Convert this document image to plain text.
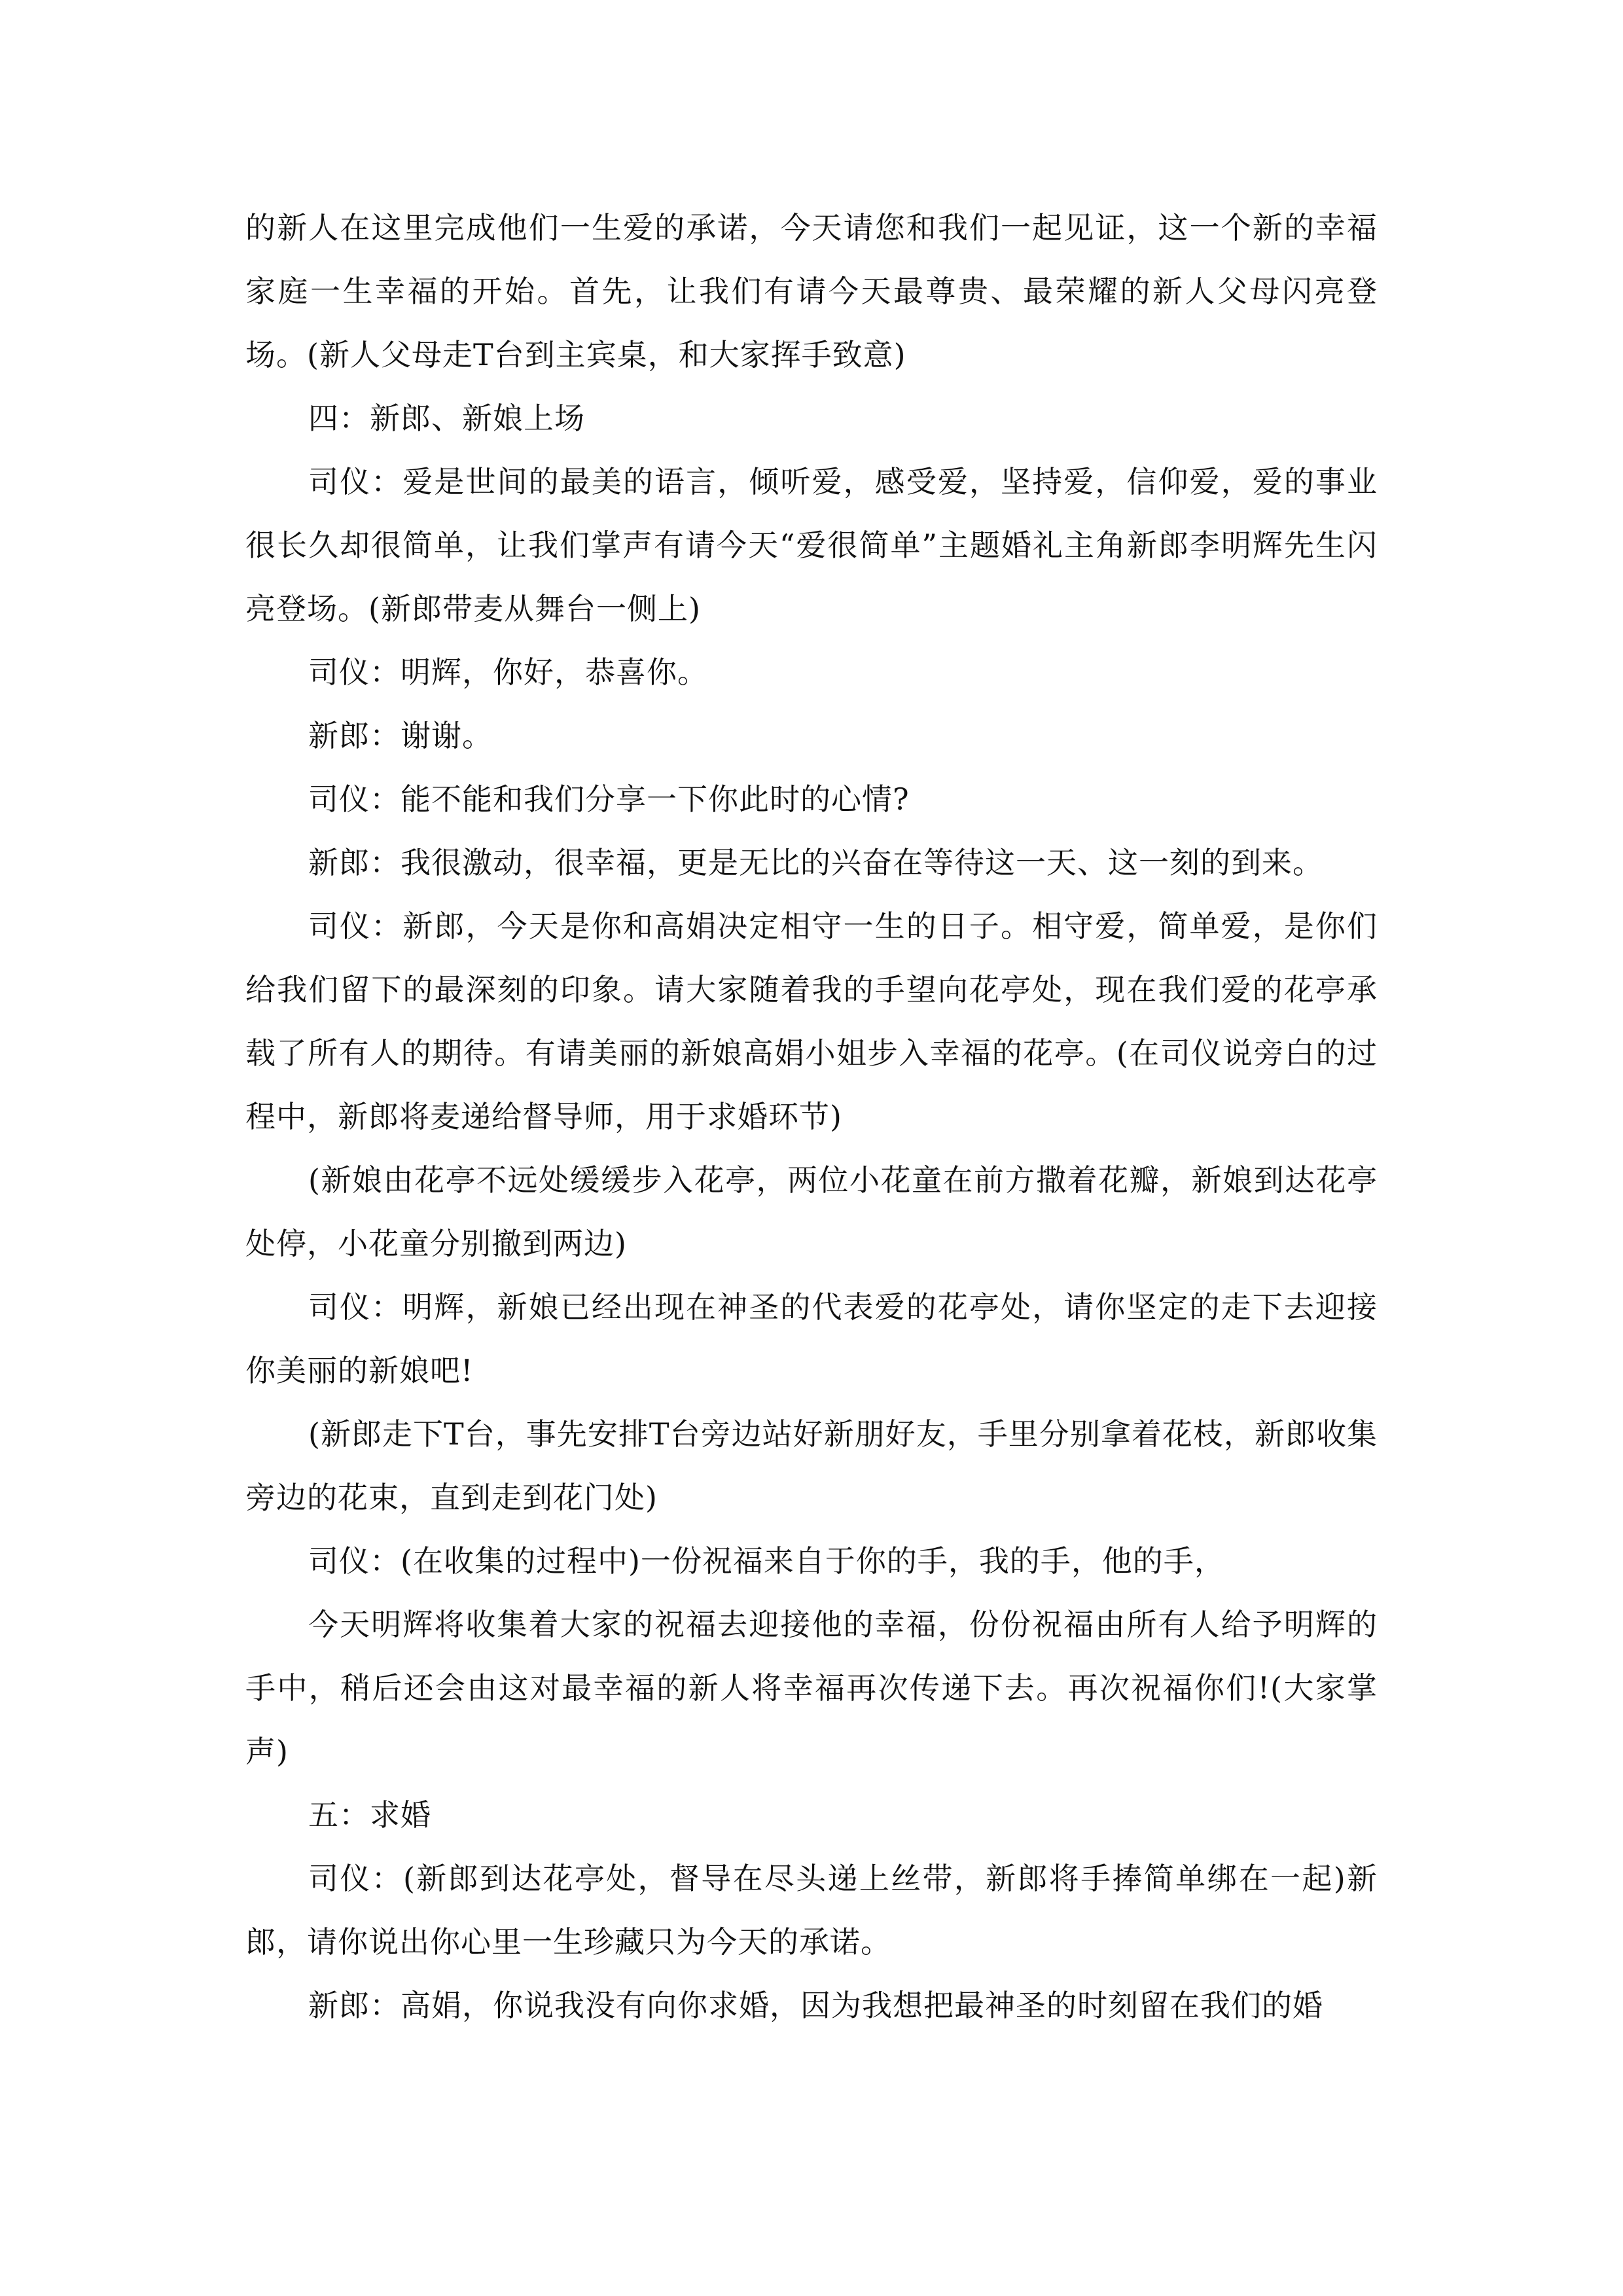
的新人在这里完成他们一生爱的承诺，今天请您和我们一起见证，这一个新的幸福家庭一生幸福的开始。首先，让我们有请今天最尊贵、最荣耀的新人父母闪亮登场。(新人父母走T台到主宾桌，和大家挥手致意)

四：新郎、新娘上场

司仪：爱是世间的最美的语言，倾听爱，感受爱，坚持爱，信仰爱，爱的事业很长久却很简单，让我们掌声有请今天“爱很简单”主题婚礼主角新郎李明辉先生闪亮登场。(新郎带麦从舞台一侧上)

司仪：明辉，你好，恭喜你。

新郎：谢谢。

司仪：能不能和我们分享一下你此时的心情?

新郎：我很激动，很幸福，更是无比的兴奋在等待这一天、这一刻的到来。

司仪：新郎，今天是你和高娟决定相守一生的日子。相守爱，简单爱，是你们给我们留下的最深刻的印象。请大家随着我的手望向花亭处，现在我们爱的花亭承载了所有人的期待。有请美丽的新娘高娟小姐步入幸福的花亭。(在司仪说旁白的过程中，新郎将麦递给督导师，用于求婚环节)

(新娘由花亭不远处缓缓步入花亭，两位小花童在前方撒着花瓣，新娘到达花亭处停，小花童分别撤到两边)

司仪：明辉，新娘已经出现在神圣的代表爱的花亭处，请你坚定的走下去迎接你美丽的新娘吧!

(新郎走下T台，事先安排T台旁边站好新朋好友，手里分别拿着花枝，新郎收集旁边的花束，直到走到花门处)

司仪：(在收集的过程中)一份祝福来自于你的手，我的手，他的手，

今天明辉将收集着大家的祝福去迎接他的幸福，份份祝福由所有人给予明辉的手中，稍后还会由这对最幸福的新人将幸福再次传递下去。再次祝福你们!(大家掌声)

五：求婚

司仪：(新郎到达花亭处，督导在尽头递上丝带，新郎将手捧简单绑在一起)新郎，请你说出你心里一生珍藏只为今天的承诺。

新郎：高娟，你说我没有向你求婚，因为我想把最神圣的时刻留在我们的婚
